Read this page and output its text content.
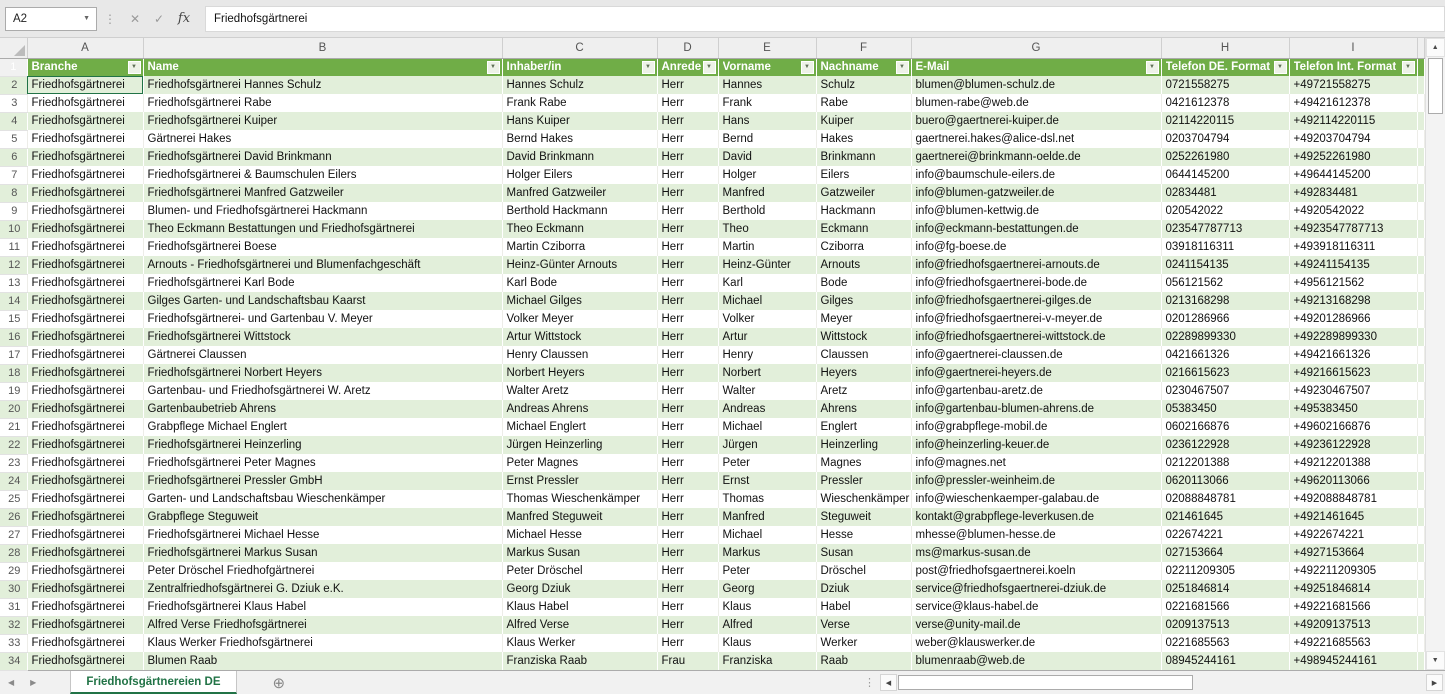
A2	▼	⋮	✕	✓	fx	Friedhofsgärtnerei
	A	B	C	D	E	F	G	H	I	
1	Branche ▼	Name ▼	Inhaber/in ▼	Anrede ▼	Vorname ▼	Nachname ▼	E-Mail ▼	Telefon DE. Format ▼	Telefon Int. Format ▼	

2	Friedhofsgärtnerei	Friedhofsgärtnerei Hannes Schulz	Hannes Schulz	Herr	Hannes	Schulz	blumen@blumen-schulz.de	0721558275	+49721558275	
3	Friedhofsgärtnerei	Friedhofsgärtnerei Rabe	Frank Rabe	Herr	Frank	Rabe	blumen-rabe@web.de	0421612378	+49421612378	
4	Friedhofsgärtnerei	Friedhofsgärtnerei Kuiper	Hans Kuiper	Herr	Hans	Kuiper	buero@gaertnerei-kuiper.de	02114220115	+492114220115	
5	Friedhofsgärtnerei	Gärtnerei Hakes	Bernd Hakes	Herr	Bernd	Hakes	gaertnerei.hakes@alice-dsl.net	0203704794	+49203704794	
6	Friedhofsgärtnerei	Friedhofsgärtnerei David Brinkmann	David Brinkmann	Herr	David	Brinkmann	gaertnerei@brinkmann-oelde.de	0252261980	+49252261980	
7	Friedhofsgärtnerei	Friedhofsgärtnerei & Baumschulen Eilers	Holger Eilers	Herr	Holger	Eilers	info@baumschule-eilers.de	0644145200	+49644145200	
8	Friedhofsgärtnerei	Friedhofsgärtnerei Manfred Gatzweiler	Manfred Gatzweiler	Herr	Manfred	Gatzweiler	info@blumen-gatzweiler.de	02834481	+492834481	
9	Friedhofsgärtnerei	Blumen- und Friedhofsgärtnerei Hackmann	Berthold Hackmann	Herr	Berthold	Hackmann	info@blumen-kettwig.de	020542022	+4920542022	
10	Friedhofsgärtnerei	Theo Eckmann Bestattungen und Friedhofsgärtnerei	Theo Eckmann	Herr	Theo	Eckmann	info@eckmann-bestattungen.de	023547787713	+4923547787713	
11	Friedhofsgärtnerei	Friedhofsgärtnerei Boese	Martin Cziborra	Herr	Martin	Cziborra	info@fg-boese.de	03918116311	+493918116311	
12	Friedhofsgärtnerei	Arnouts - Friedhofsgärtnerei und Blumenfachgeschäft	Heinz-Günter Arnouts	Herr	Heinz-Günter	Arnouts	info@friedhofsgaertnerei-arnouts.de	0241154135	+49241154135	
13	Friedhofsgärtnerei	Friedhofsgärtnerei Karl Bode	Karl Bode	Herr	Karl	Bode	info@friedhofsgaertnerei-bode.de	056121562	+4956121562	
14	Friedhofsgärtnerei	Gilges Garten- und Landschaftsbau Kaarst	Michael Gilges	Herr	Michael	Gilges	info@friedhofsgaertnerei-gilges.de	0213168298	+49213168298	
15	Friedhofsgärtnerei	Friedhofsgärtnerei- und Gartenbau V. Meyer	Volker Meyer	Herr	Volker	Meyer	info@friedhofsgaertnerei-v-meyer.de	0201286966	+49201286966	
16	Friedhofsgärtnerei	Friedhofsgärtnerei Wittstock	Artur Wittstock	Herr	Artur	Wittstock	info@friedhofsgaertnerei-wittstock.de	02289899330	+492289899330	
17	Friedhofsgärtnerei	Gärtnerei Claussen	Henry Claussen	Herr	Henry	Claussen	info@gaertnerei-claussen.de	0421661326	+49421661326	
18	Friedhofsgärtnerei	Friedhofsgärtnerei Norbert Heyers	Norbert Heyers	Herr	Norbert	Heyers	info@gaertnerei-heyers.de	0216615623	+49216615623	
19	Friedhofsgärtnerei	Gartenbau- und Friedhofsgärtnerei W. Aretz	Walter Aretz	Herr	Walter	Aretz	info@gartenbau-aretz.de	0230467507	+49230467507	
20	Friedhofsgärtnerei	Gartenbaubetrieb Ahrens	Andreas Ahrens	Herr	Andreas	Ahrens	info@gartenbau-blumen-ahrens.de	05383450	+495383450	
21	Friedhofsgärtnerei	Grabpflege Michael Englert	Michael Englert	Herr	Michael	Englert	info@grabpflege-mobil.de	0602166876	+49602166876	
22	Friedhofsgärtnerei	Friedhofsgärtnerei Heinzerling	Jürgen Heinzerling	Herr	Jürgen	Heinzerling	info@heinzerling-keuer.de	0236122928	+49236122928	
23	Friedhofsgärtnerei	Friedhofsgärtnerei Peter Magnes	Peter Magnes	Herr	Peter	Magnes	info@magnes.net	0212201388	+49212201388	
24	Friedhofsgärtnerei	Friedhofsgärtnerei Pressler GmbH	Ernst Pressler	Herr	Ernst	Pressler	info@pressler-weinheim.de	0620113066	+49620113066	
25	Friedhofsgärtnerei	Garten- und Landschaftsbau Wieschenkämper	Thomas Wieschenkämper	Herr	Thomas	Wieschenkämper	info@wieschenkaemper-galabau.de	02088848781	+492088848781	
26	Friedhofsgärtnerei	Grabpflege Steguweit	Manfred Steguweit	Herr	Manfred	Steguweit	kontakt@grabpflege-leverkusen.de	021461645	+4921461645	
27	Friedhofsgärtnerei	Friedhofsgärtnerei Michael Hesse	Michael Hesse	Herr	Michael	Hesse	mhesse@blumen-hesse.de	022674221	+4922674221	
28	Friedhofsgärtnerei	Friedhofsgärtnerei Markus Susan	Markus Susan	Herr	Markus	Susan	ms@markus-susan.de	027153664	+4927153664	
29	Friedhofsgärtnerei	Peter Dröschel Friedhofgärtnerei	Peter Dröschel	Herr	Peter	Dröschel	post@friedhofsgaertnerei.koeln	02211209305	+492211209305	
30	Friedhofsgärtnerei	Zentralfriedhofsgärtnerei G. Dziuk e.K.	Georg Dziuk	Herr	Georg	Dziuk	service@friedhofsgaertnerei-dziuk.de	0251846814	+49251846814	
31	Friedhofsgärtnerei	Friedhofsgärtnerei Klaus Habel	Klaus Habel	Herr	Klaus	Habel	service@klaus-habel.de	0221681566	+49221681566	
32	Friedhofsgärtnerei	Alfred Verse Friedhofsgärtnerei	Alfred Verse	Herr	Alfred	Verse	verse@unity-mail.de	0209137513	+49209137513	
33	Friedhofsgärtnerei	Klaus Werker Friedhofsgärtnerei	Klaus Werker	Herr	Klaus	Werker	weber@klauswerker.de	0221685563	+49221685563	
34	Friedhofsgärtnerei	Blumen Raab	Franziska Raab	Frau	Franziska	Raab	blumenraab@web.de	08945244161	+498945244161	
▲
▼
◀	▶	Friedhofsgärtnereien DE	⊕	⋮	◀	▶
